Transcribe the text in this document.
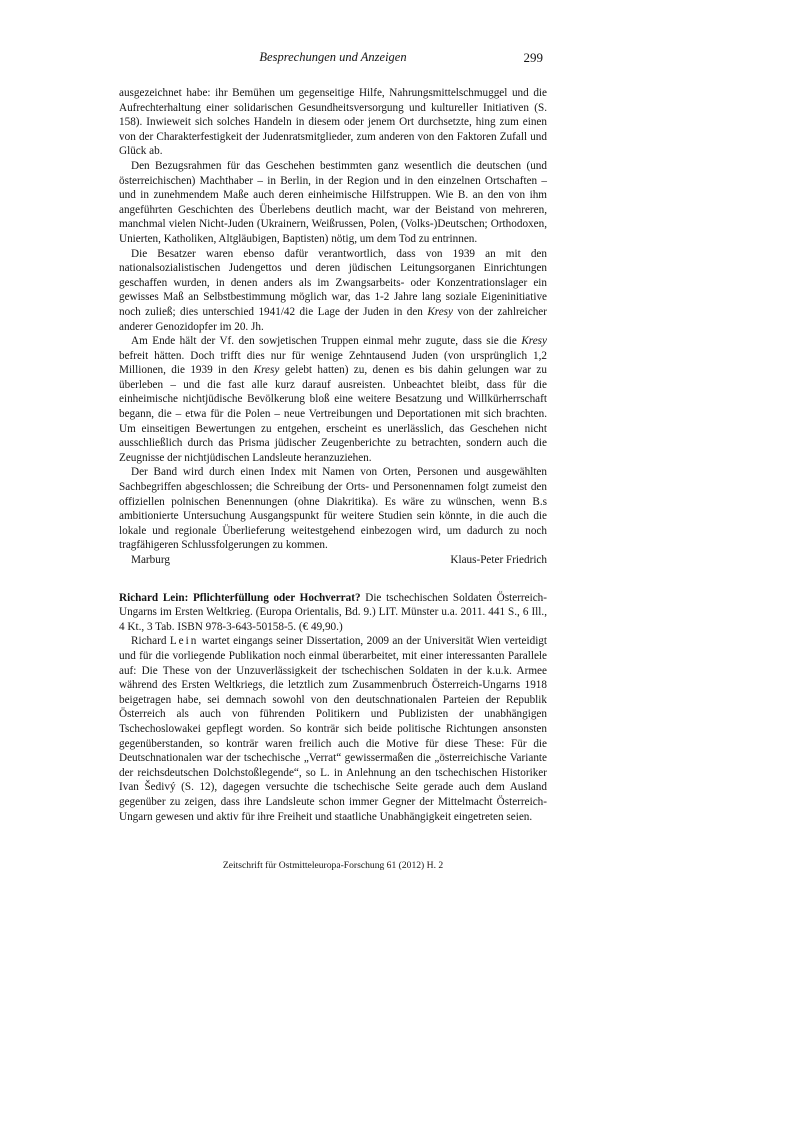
Besprechungen und Anzeigen	299

ausgezeichnet habe: ihr Bemühen um gegenseitige Hilfe, Nahrungsmittelschmuggel und die Aufrechterhaltung einer solidarischen Gesundheitsversorgung und kultureller Initiativen (S. 158). Inwieweit sich solches Handeln in diesem oder jenem Ort durchsetzte, hing zum einen von der Charakterfestigkeit der Judenratsmitglieder, zum anderen von den Faktoren Zufall und Glück ab.

Den Bezugsrahmen für das Geschehen bestimmten ganz wesentlich die deutschen (und österreichischen) Machthaber – in Berlin, in der Region und in den einzelnen Ortschaften – und in zunehmendem Maße auch deren einheimische Hilfstruppen. Wie B. an den von ihm angeführten Geschichten des Überlebens deutlich macht, war der Beistand von mehreren, manchmal vielen Nicht-Juden (Ukrainern, Weißrussen, Polen, (Volks-)Deutschen; Orthodoxen, Unierten, Katholiken, Altgläubigen, Baptisten) nötig, um dem Tod zu entrinnen.

Die Besatzer waren ebenso dafür verantwortlich, dass von 1939 an mit den nationalsozialistischen Judengettos und deren jüdischen Leitungsorganen Einrichtungen geschaffen wurden, in denen anders als im Zwangsarbeits- oder Konzentrationslager ein gewisses Maß an Selbstbestimmung möglich war, das 1-2 Jahre lang soziale Eigeninitiative noch zuließ; dies unterschied 1941/42 die Lage der Juden in den Kresy von der zahlreicher anderer Genozidopfer im 20. Jh.

Am Ende hält der Vf. den sowjetischen Truppen einmal mehr zugute, dass sie die Kresy befreit hätten. Doch trifft dies nur für wenige Zehntausend Juden (von ursprünglich 1,2 Millionen, die 1939 in den Kresy gelebt hatten) zu, denen es bis dahin gelungen war zu überleben – und die fast alle kurz darauf ausreisten. Unbeachtet bleibt, dass für die einheimische nichtjüdische Bevölkerung bloß eine weitere Besatzung und Willkürherrschaft begann, die – etwa für die Polen – neue Vertreibungen und Deportationen mit sich brachten. Um einseitigen Bewertungen zu entgehen, erscheint es unerlässlich, das Geschehen nicht ausschließlich durch das Prisma jüdischer Zeugenberichte zu betrachten, sondern auch die Zeugnisse der nichtjüdischen Landsleute heranzuziehen.

Der Band wird durch einen Index mit Namen von Orten, Personen und ausgewählten Sachbegriffen abgeschlossen; die Schreibung der Orts- und Personennamen folgt zumeist den offiziellen polnischen Benennungen (ohne Diakritika). Es wäre zu wünschen, wenn B.s ambitionierte Untersuchung Ausgangspunkt für weitere Studien sein könnte, in die auch die lokale und regionale Überlieferung weitestgehend einbezogen wird, um dadurch zu noch tragfähigeren Schlussfolgerungen zu kommen.

Marburg	Klaus-Peter Friedrich

Richard Lein: Pflichterfüllung oder Hochverrat? Die tschechischen Soldaten Österreich-Ungarns im Ersten Weltkrieg. (Europa Orientalis, Bd. 9.) LIT. Münster u.a. 2011. 441 S., 6 Ill., 4 Kt., 3 Tab. ISBN 978-3-643-50158-5. (€ 49,90.)

Richard Lein wartet eingangs seiner Dissertation, 2009 an der Universität Wien verteidigt und für die vorliegende Publikation noch einmal überarbeitet, mit einer interessanten Parallele auf: Die These von der Unzuverlässigkeit der tschechischen Soldaten in der k.u.k. Armee während des Ersten Weltkriegs, die letztlich zum Zusammenbruch Österreich-Ungarns 1918 beigetragen habe, sei demnach sowohl von den deutschnationalen Parteien der Republik Österreich als auch von führenden Politikern und Publizisten der unabhängigen Tschechoslowakei gepflegt worden. So konträr sich beide politische Richtungen ansonsten gegenüberstanden, so konträr waren freilich auch die Motive für diese These: Für die Deutschnationalen war der tschechische „Verrat“ gewissermaßen die „österreichische Variante der reichsdeutschen Dolchstoßlegende“, so L. in Anlehnung an den tschechischen Historiker Ivan Šedivý (S. 12), dagegen versuchte die tschechische Seite gerade auch dem Ausland gegenüber zu zeigen, dass ihre Landsleute schon immer Gegner der Mittelmacht Österreich-Ungarn gewesen und aktiv für ihre Freiheit und staatliche Unabhängigkeit eingetreten seien.

Zeitschrift für Ostmitteleuropa-Forschung 61 (2012) H. 2
